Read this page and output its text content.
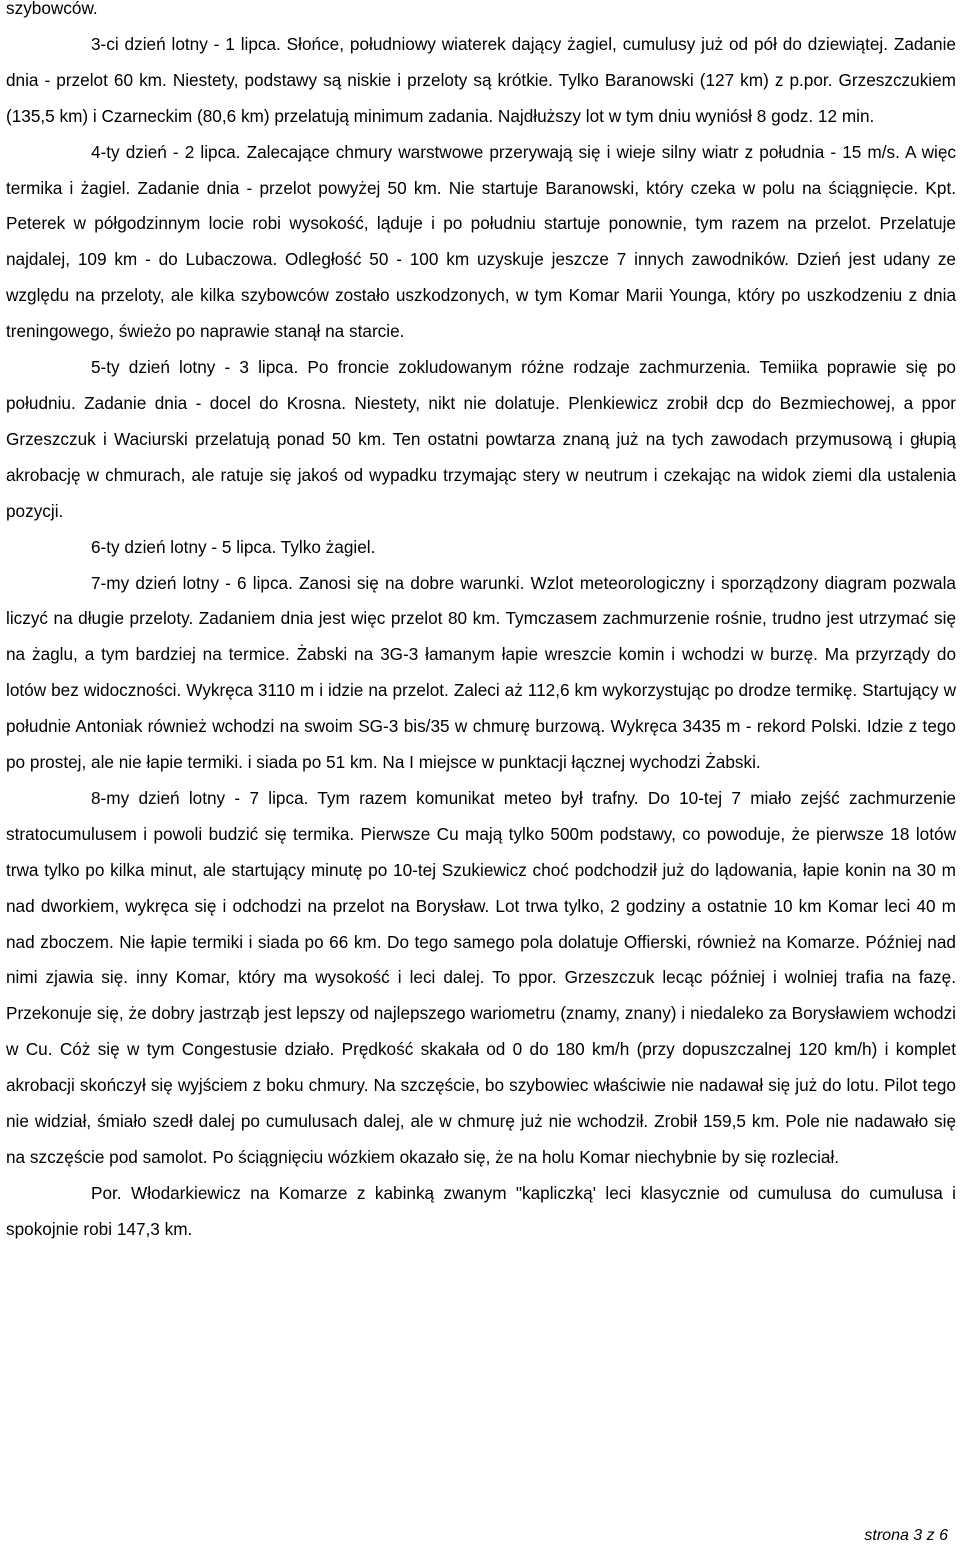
szybowców.

3-ci dzień lotny - 1 lipca. Słońce, południowy wiaterek dający żagiel, cumulusy już od pół do dziewiątej. Zadanie dnia - przelot 60 km. Niestety, podstawy są niskie i przeloty są krótkie. Tylko Baranowski (127 km) z p.por. Grzeszczukiem (135,5 km) i Czarneckim (80,6 km) przelatują minimum zadania. Najdłuższy lot w tym dniu wyniósł 8 godz. 12 min.

4-ty dzień - 2 lipca. Zalecające chmury warstwowe przerywają się i wieje silny wiatr z południa - 15 m/s. A więc termika i żagiel. Zadanie dnia - przelot powyżej 50 km. Nie startuje Baranowski, który czeka w polu na ściągnięcie. Kpt. Peterek w półgodzinnym locie robi wysokość, ląduje i po południu startuje ponownie, tym razem na przelot. Przelatuje najdalej, 109 km - do Lubaczowa. Odległość 50 - 100 km uzyskuje jeszcze 7 innych zawodników. Dzień jest udany ze względu na przeloty, ale kilka szybowców zostało uszkodzonych, w tym Komar Marii Younga, który po uszkodzeniu z dnia treningowego, świeżo po naprawie stanął na starcie.

5-ty dzień lotny - 3 lipca. Po froncie zokludowanym różne rodzaje zachmurzenia. Temiika poprawie się po południu. Zadanie dnia - docel do Krosna. Niestety, nikt nie dolatuje. Plenkiewicz zrobił dcp do Bezmiechowej, a ppor Grzeszczuk i Waciurski przelatują ponad 50 km. Ten ostatni powtarza znaną już na tych zawodach przymusową i głupią akrobację w chmurach, ale ratuje się jakoś od wypadku trzymając stery w neutrum i czekając na widok ziemi dla ustalenia pozycji.

6-ty dzień lotny - 5 lipca. Tylko żagiel.

7-my dzień lotny - 6 lipca. Zanosi się na dobre warunki. Wzlot meteorologiczny i sporządzony diagram pozwala liczyć na długie przeloty. Zadaniem dnia jest więc przelot 80 km. Tymczasem zachmurzenie rośnie, trudno jest utrzymać się na żaglu, a tym bardziej na termice. Żabski na 3G-3 łamanym łapie wreszcie komin i wchodzi w burzę. Ma przyrządy do lotów bez widoczności. Wykręca 3110 m i idzie na przelot. Zaleci aż 112,6 km wykorzystując po drodze termikę. Startujący w południe Antoniak również wchodzi na swoim SG-3 bis/35 w chmurę burzową. Wykręca 3435 m - rekord Polski. Idzie z tego po prostej, ale nie łapie termiki. i siada po 51 km. Na I miejsce w punktacji łącznej wychodzi Żabski.

8-my dzień lotny - 7 lipca. Tym razem komunikat meteo był trafny. Do 10-tej 7 miało zejść zachmurzenie stratocumulusem i powoli budzić się termika. Pierwsze Cu mają tylko 500m podstawy, co powoduje, że pierwsze 18 lotów trwa tylko po kilka minut, ale startujący minutę po 10-tej Szukiewicz choć podchodził już do lądowania, łapie konin na 30 m nad dworkiem, wykręca się i odchodzi na przelot na Borysław. Lot trwa tylko, 2 godziny a ostatnie 10 km Komar leci 40 m nad zboczem. Nie łapie termiki i siada po 66 km. Do tego samego pola dolatuje Offierski, również na Komarze. Później nad nimi zjawia się. inny Komar, który ma wysokość i leci dalej. To ppor. Grzeszczuk lecąc później i wolniej trafia na fazę. Przekonuje się, że dobry jastrząb jest lepszy od najlepszego wariometru (znamy, znany) i niedaleko za Borysławiem wchodzi w Cu. Cóż się w tym Congestusie działo. Prędkość skakała od 0 do 180 km/h (przy dopuszczalnej 120 km/h) i komplet akrobacji skończył się wyjściem z boku chmury. Na szczęście, bo szybowiec właściwie nie nadawał się już do lotu. Pilot tego nie widział, śmiało szedł dalej po cumulusach dalej, ale w chmurę już nie wchodził. Zrobił 159,5 km. Pole nie nadawało się na szczęście pod samolot. Po ściągnięciu wózkiem okazało się, że na holu Komar niechybnie by się rozleciał.

Por. Włodarkiewicz na Komarze z kabinką zwanym "kapliczką' leci klasycznie od cumulusa do cumulusa i spokojnie robi 147,3 km.

strona 3 z 6
